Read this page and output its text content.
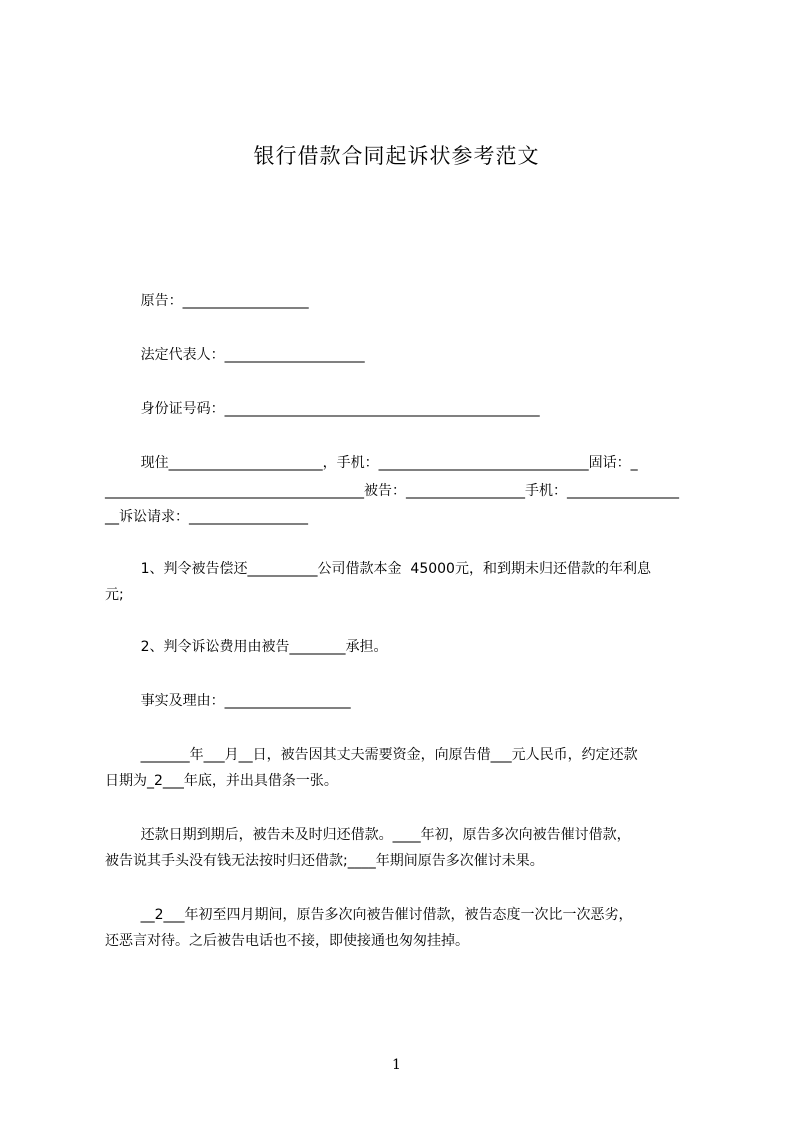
银行借款合同起诉状参考范文

原告：__________________

法定代表人：____________________

身份证号码：_____________________________________________

现住______________________，手机：______________________________固话：_

_____________________________________被告：_________________手机：________________

__诉讼请求：_________________

1、判令被告偿还__________公司借款本金  45000元，和到期未归还借款的年利息

元;

2、判令诉讼费用由被告________承担。

事实及理由：__________________

_______年___月__日，被告因其丈夫需要资金，向原告借___元人民币，约定还款

日期为_2___年底，并出具借条一张。

还款日期到期后，被告未及时归还借款。____年初，原告多次向被告催讨借款，

被告说其手头没有钱无法按时归还借款;____年期间原告多次催讨未果。

__2___年初至四月期间，原告多次向被告催讨借款，被告态度一次比一次恶劣，

还恶言对待。之后被告电话也不接，即使接通也匆匆挂掉。

1
